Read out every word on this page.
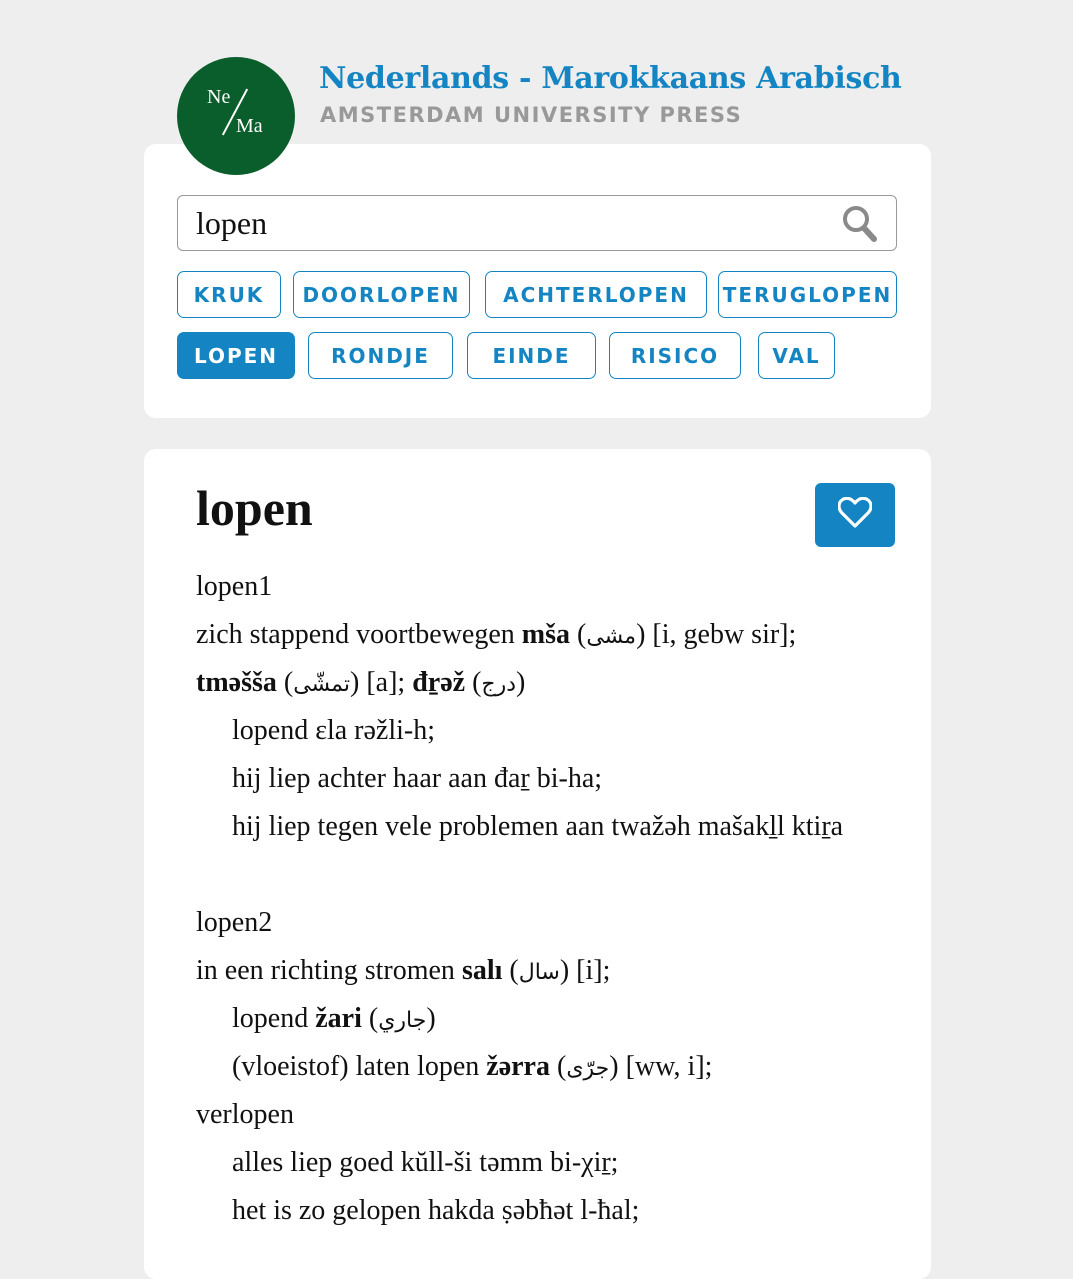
Ne
Ma
Nederlands - Marokkaans Arabisch
AMSTERDAM UNIVERSITY PRESS
lopen
KRUK	DOORLOPEN	ACHTERLOPEN	TERUGLOPEN
LOPEN	RONDJE	EINDE	RISICO	VAL
lopen
lopen1
zich stappend voortbewegen mša (مشى) [i, gebw sir];
tməšša (تمشّى) [a]; đṟəž (درج)
lopend ɛla rəžli-h;
hij liep achter haar aan đaṟ bi-ha;
hij liep tegen vele problemen aan twažəh mašakḻl ktiṟa
lopen2
in een richting stromen salı (سال) [i];
lopend žari (جاري)
(vloeistof) laten lopen žərra (جرّى) [ww, i];
verlopen
alles liep goed kŭll-ši təmm bi-χiṟ;
het is zo gelopen hakda ṣəbħət l-ħal;
